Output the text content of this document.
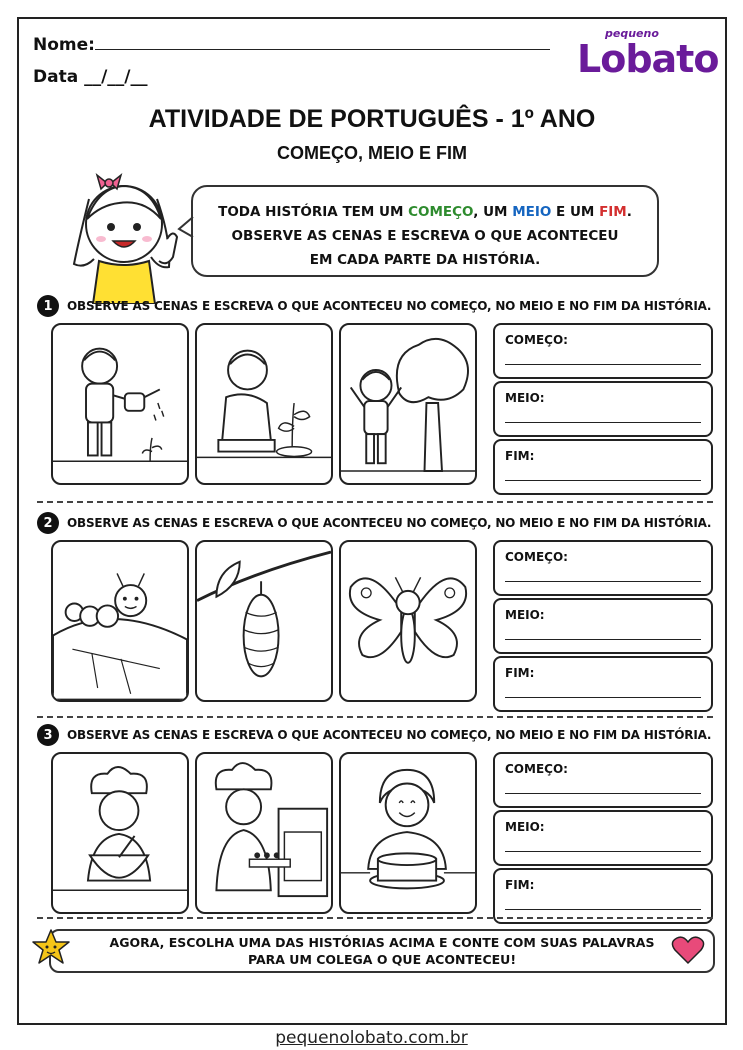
Nome:
Data __/__/__
pequeno
Lobato
ATIVIDADE DE PORTUGUÊS - 1º ANO
COMEÇO, MEIO E FIM
TODA HISTÓRIA TEM UM COMEÇO, UM MEIO E UM FIM.
OBSERVE AS CENAS E ESCREVA O QUE ACONTECEU
EM CADA PARTE DA HISTÓRIA.
1	OBSERVE AS CENAS E ESCREVA O QUE ACONTECEU NO COMEÇO, NO MEIO E NO FIM DA HISTÓRIA.
COMEÇO:
MEIO:
FIM:
2	OBSERVE AS CENAS E ESCREVA O QUE ACONTECEU NO COMEÇO, NO MEIO E NO FIM DA HISTÓRIA.
COMEÇO:
MEIO:
FIM:
3	OBSERVE AS CENAS E ESCREVA O QUE ACONTECEU NO COMEÇO, NO MEIO E NO FIM DA HISTÓRIA.
COMEÇO:
MEIO:
FIM:
AGORA, ESCOLHA UMA DAS HISTÓRIAS ACIMA E CONTE COM SUAS PALAVRAS
PARA UM COLEGA O QUE ACONTECEU!
pequenolobato.com.br
